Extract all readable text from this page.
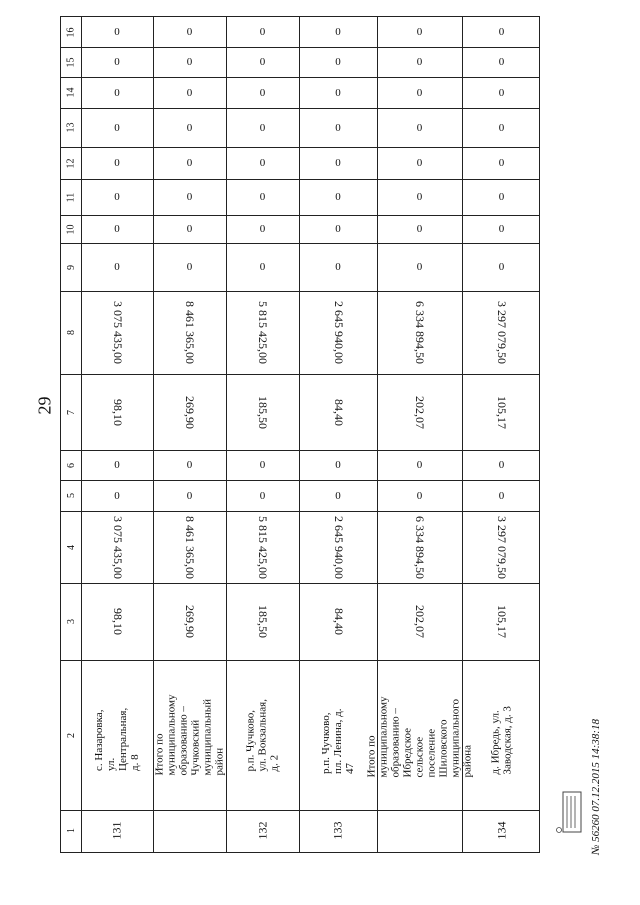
29
16
15
14
13
12
11
10
9
8
7
6
5
4
3
2
1
0
0
0
0
0
0
0
0
3 075 435,00
98,10
0
0
3 075 435,00
98,10
с. Назаровка, ул. Центральная, д. 8
131
0
0
0
0
0
0
0
0
8 461 365,00
269,90
0
0
8 461 365,00
269,90
Итого по муниципальному образованию – Чучковский муниципальный район
0
0
0
0
0
0
0
0
5 815 425,00
185,50
0
0
5 815 425,00
185,50
р.п. Чучково, ул. Вокзальная, д. 2
132
0
0
0
0
0
0
0
0
2 645 940,00
84,40
0
0
2 645 940,00
84,40
р.п. Чучково, пл. Ленина, д. 47
133
0
0
0
0
0
0
0
0
6 334 894,50
202,07
0
0
6 334 894,50
202,07
Итого по муниципальному образованию – Ибредское сельское поселение Шиловского муниципального района
0
0
0
0
0
0
0
0
3 297 079,50
105,17
0
0
3 297 079,50
105,17
д. Ибредь, ул. Заводская, д. 3
134	№ 56260 07.12.2015 14:38:18
